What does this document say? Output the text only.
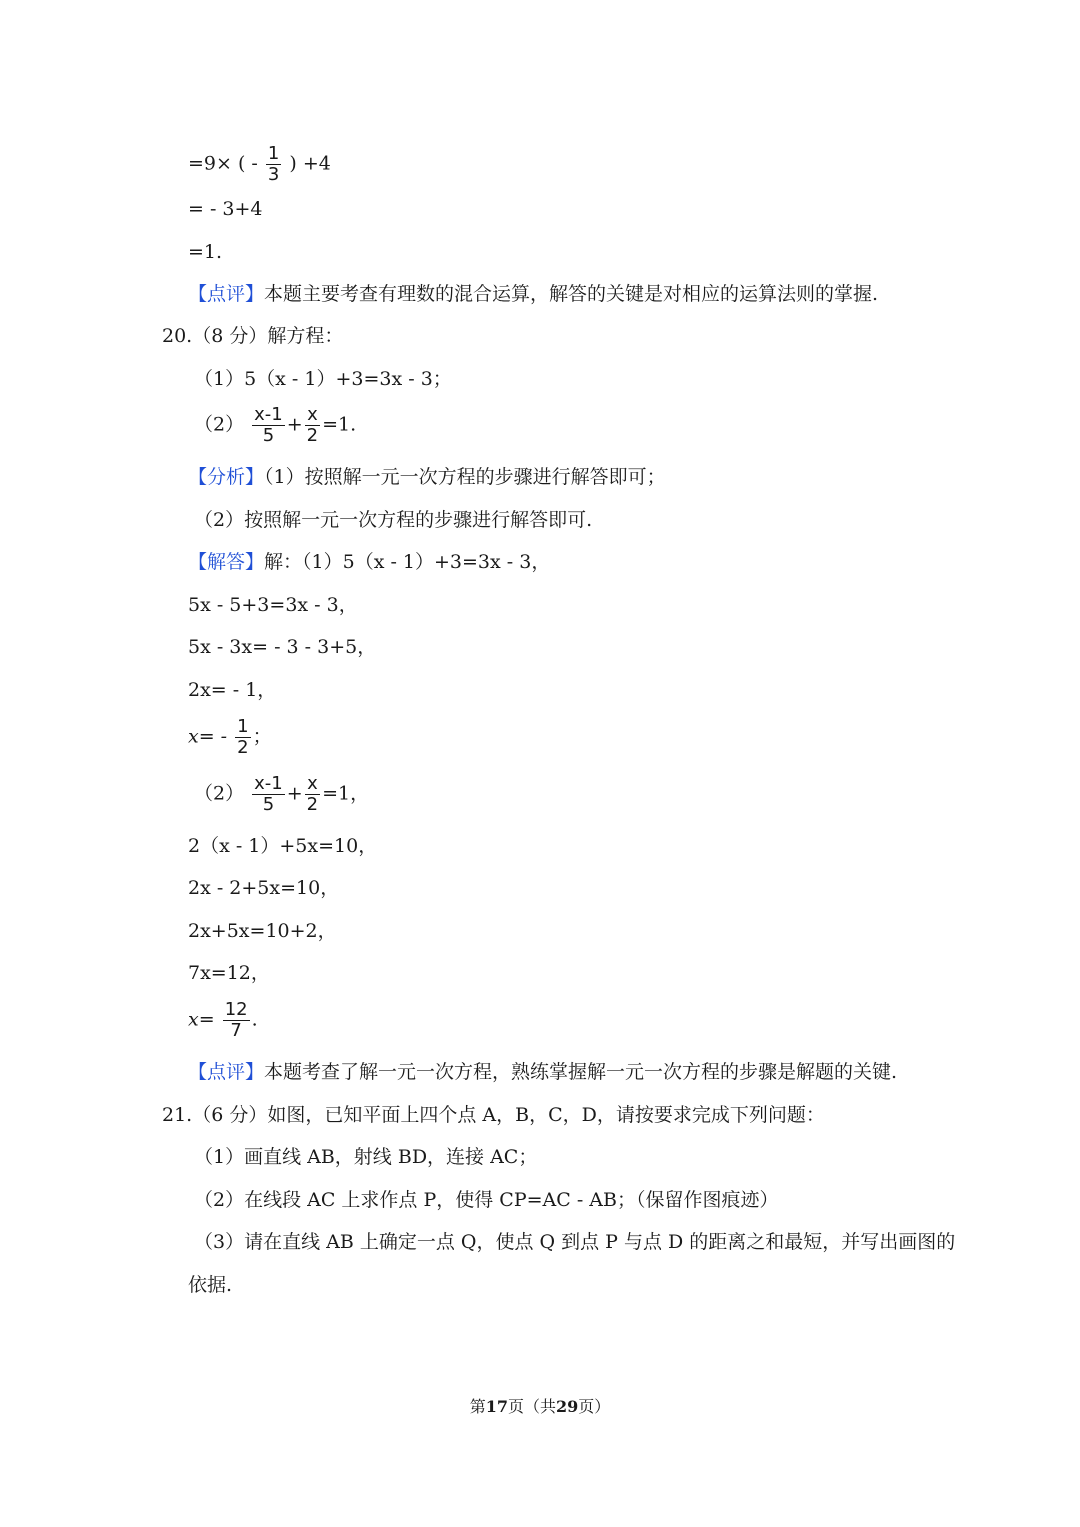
=9× ( - $\frac{1}{3}$ ) +4
= - 3+4
=1.
【点评】本题主要考查有理数的混合运算，解答的关键是对相应的运算法则的掌握.
20.（8 分）解方程：
（1）5（x - 1）+3=3x - 3；
$(2) \frac{x-1}{5} + \frac{x}{2} =1$.
【分析】（1）按照解一元一次方程的步骤进行解答即可；
（2）按照解一元一次方程的步骤进行解答即可.
【解答】解：（1）5（x - 1）+3=3x - 3，
5x - 5+3=3x - 3，
5x - 3x= - 3 - 3+5，
2x= - 1，
$x= - \frac{1}{2}$ ；
$(2) \frac{x-1}{5} + \frac{x}{2} =1$，
2（x - 1）+5x=10，
2x - 2+5x=10，
2x+5x=10+2，
7x=12，
$x= \frac{12}{7}$ .
【点评】本题考查了解一元一次方程，熟练掌握解一元一次方程的步骤是解题的关键.
21.（6 分）如图，已知平面上四个点 A，B，C，D，请按要求完成下列问题：
（1）画直线 AB，射线 BD，连接 AC；
（2）在线段 AC 上求作点 P，使得 CP=AC - AB；（保留作图痕迹）
（3）请在直线 AB 上确定一点 Q，使点 Q 到点 P 与点 D 的距离之和最短，并写出画图的
依据.
第17页（共29页）
